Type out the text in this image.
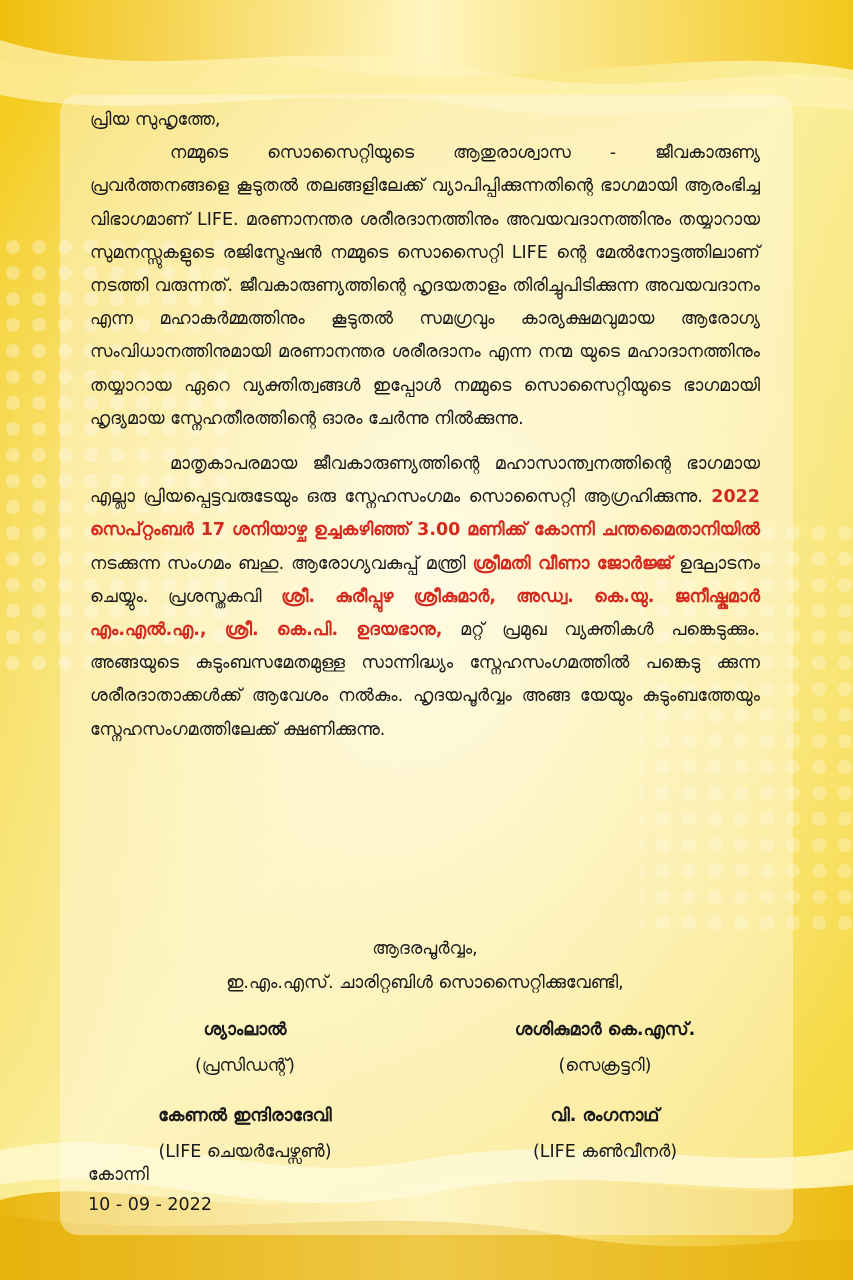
പ്രിയ സുഹൃത്തേ,

നമ്മുടെ സൊസൈറ്റിയുടെ ആതുരാശ്വാസ - ജീവകാരുണ്യ പ്രവർത്തനങ്ങളെ കൂടുതൽ തലങ്ങളിലേക്ക് വ്യാപിപ്പിക്കുന്നതിന്റെ ഭാഗമായി ആരംഭിച്ച വിഭാഗമാണ് LIFE. മരണാനന്തര ശരീരദാനത്തിനും അവയവദാനത്തിനും തയ്യാറായ സുമനസ്സുകളുടെ രജിസ്ട്രേഷൻ നമ്മുടെ സൊസൈറ്റി LIFE ന്റെ മേൽനോട്ടത്തിലാണ് നടത്തി വരുന്നത്. ജീവകാരുണ്യത്തിന്റെ ഹൃദയതാളം തിരിച്ചുപിടിക്കുന്ന അവയവദാനം എന്ന മഹാകർമ്മത്തിനും കൂടുതൽ സമഗ്രവും കാര്യക്ഷമവുമായ ആരോഗ്യ സംവിധാനത്തിനുമായി മരണാനന്തര ശരീരദാനം എന്ന നന്മ യുടെ മഹാദാനത്തിനും തയ്യാറായ ഏറെ വ്യക്തിത്വങ്ങൾ ഇപ്പോൾ നമ്മുടെ സൊസൈറ്റിയുടെ ഭാഗമായി ഹൃദ്യമായ സ്നേഹതീരത്തിന്റെ ഓരം ചേർന്നു നിൽക്കുന്നു.

മാതൃകാപരമായ ജീവകാരുണ്യത്തിന്റെ മഹാസാന്ത്വനത്തിന്റെ ഭാഗമായ എല്ലാ പ്രിയപ്പെട്ടവരുടേയും ഒരു സ്നേഹസംഗമം സൊസൈറ്റി ആഗ്രഹിക്കുന്നു. 2022 സെപ്റ്റംബർ 17 ശനിയാഴ്ച ഉച്ചകഴിഞ്ഞ് 3.00 മണിക്ക് കോന്നി ചന്തമൈതാനിയിൽ നടക്കുന്ന സംഗമം ബഹു. ആരോഗ്യവകുപ്പ് മന്ത്രി ശ്രീമതി വീണാ ജോർജ്ജ് ഉദ്ഘാടനം ചെയ്യും. പ്രശസ്തകവി ശ്രീ. കുരീപ്പുഴ ശ്രീകുമാർ, അഡ്വ. കെ.യു. ജനീഷ്കുമാർ എം.എൽ.എ., ശ്രീ. കെ.പി. ഉദയഭാനു, മറ്റ് പ്രമുഖ വ്യക്തികൾ പങ്കെടുക്കും. അങ്ങയുടെ കുടുംബസമേതമുള്ള സാന്നിദ്ധ്യം സ്നേഹസംഗമത്തിൽ പങ്കെടു ക്കുന്ന ശരീരദാതാക്കൾക്ക് ആവേശം നൽകും. ഹൃദയപൂർവ്വം അങ്ങ യേയും കുടുംബത്തേയും സ്നേഹസംഗമത്തിലേക്ക് ക്ഷണിക്കുന്നു.

ആദരപൂർവ്വം,
ഇ.എം.എസ്. ചാരിറ്റബിൾ സൊസൈറ്റിക്കുവേണ്ടി,
ശ്യാംലാൽ
(പ്രസിഡന്റ്)
ശശികുമാർ കെ.എസ്.
(സെക്രട്ടറി)
കേണൽ ഇന്ദിരാദേവി
(LIFE ചെയർപേഴ്സൺ)
വി. രംഗനാഥ്
(LIFE കൺവീനർ)
കോന്നി
10 - 09 - 2022
